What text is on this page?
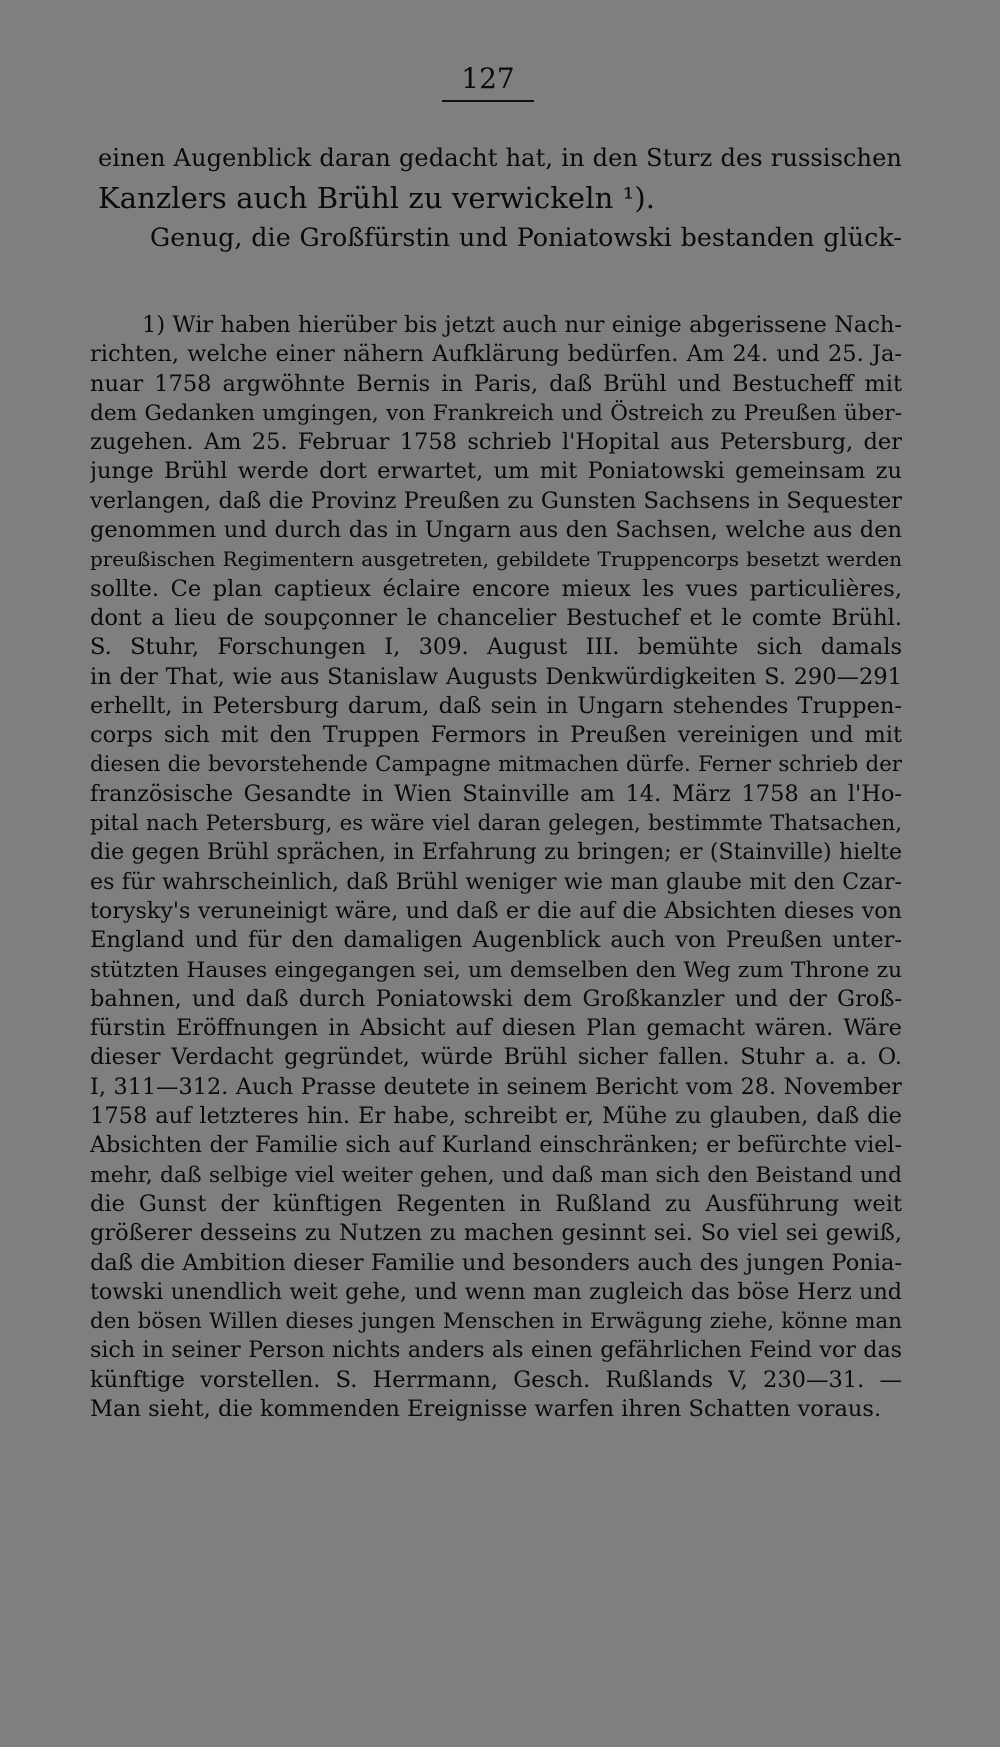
127
einen Augenblick daran gedacht hat, in den Sturz des russischen
Kanzlers auch Brühl zu verwickeln ¹).
Genug, die Großfürstin und Poniatowski bestanden glück-
1) Wir haben hierüber bis jetzt auch nur einige abgerissene Nach-
richten, welche einer nähern Aufklärung bedürfen. Am 24. und 25. Ja-
nuar 1758 argwöhnte Bernis in Paris, daß Brühl und Bestucheff mit
dem Gedanken umgingen, von Frankreich und Östreich zu Preußen über-
zugehen. Am 25. Februar 1758 schrieb l'Hopital aus Petersburg, der
junge Brühl werde dort erwartet, um mit Poniatowski gemeinsam zu
verlangen, daß die Provinz Preußen zu Gunsten Sachsens in Sequester
genommen und durch das in Ungarn aus den Sachsen, welche aus den
preußischen Regimentern ausgetreten, gebildete Truppencorps besetzt werden
sollte. Ce plan captieux éclaire encore mieux les vues particulières,
dont a lieu de soupçonner le chancelier Bestuchef et le comte Brühl.
S. Stuhr, Forschungen I, 309. August III. bemühte sich damals
in der That, wie aus Stanislaw Augusts Denkwürdigkeiten S. 290—291
erhellt, in Petersburg darum, daß sein in Ungarn stehendes Truppen-
corps sich mit den Truppen Fermors in Preußen vereinigen und mit
diesen die bevorstehende Campagne mitmachen dürfe. Ferner schrieb der
französische Gesandte in Wien Stainville am 14. März 1758 an l'Ho-
pital nach Petersburg, es wäre viel daran gelegen, bestimmte Thatsachen,
die gegen Brühl sprächen, in Erfahrung zu bringen; er (Stainville) hielte
es für wahrscheinlich, daß Brühl weniger wie man glaube mit den Czar-
torysky's veruneinigt wäre, und daß er die auf die Absichten dieses von
England und für den damaligen Augenblick auch von Preußen unter-
stützten Hauses eingegangen sei, um demselben den Weg zum Throne zu
bahnen, und daß durch Poniatowski dem Großkanzler und der Groß-
fürstin Eröffnungen in Absicht auf diesen Plan gemacht wären. Wäre
dieser Verdacht gegründet, würde Brühl sicher fallen. Stuhr a. a. O.
I, 311—312. Auch Prasse deutete in seinem Bericht vom 28. November
1758 auf letzteres hin. Er habe, schreibt er, Mühe zu glauben, daß die
Absichten der Familie sich auf Kurland einschränken; er befürchte viel-
mehr, daß selbige viel weiter gehen, und daß man sich den Beistand und
die Gunst der künftigen Regenten in Rußland zu Ausführung weit
größerer desseins zu Nutzen zu machen gesinnt sei. So viel sei gewiß,
daß die Ambition dieser Familie und besonders auch des jungen Ponia-
towski unendlich weit gehe, und wenn man zugleich das böse Herz und
den bösen Willen dieses jungen Menschen in Erwägung ziehe, könne man
sich in seiner Person nichts anders als einen gefährlichen Feind vor das
künftige vorstellen. S. Herrmann, Gesch. Rußlands V, 230—31. —
Man sieht, die kommenden Ereignisse warfen ihren Schatten voraus.
